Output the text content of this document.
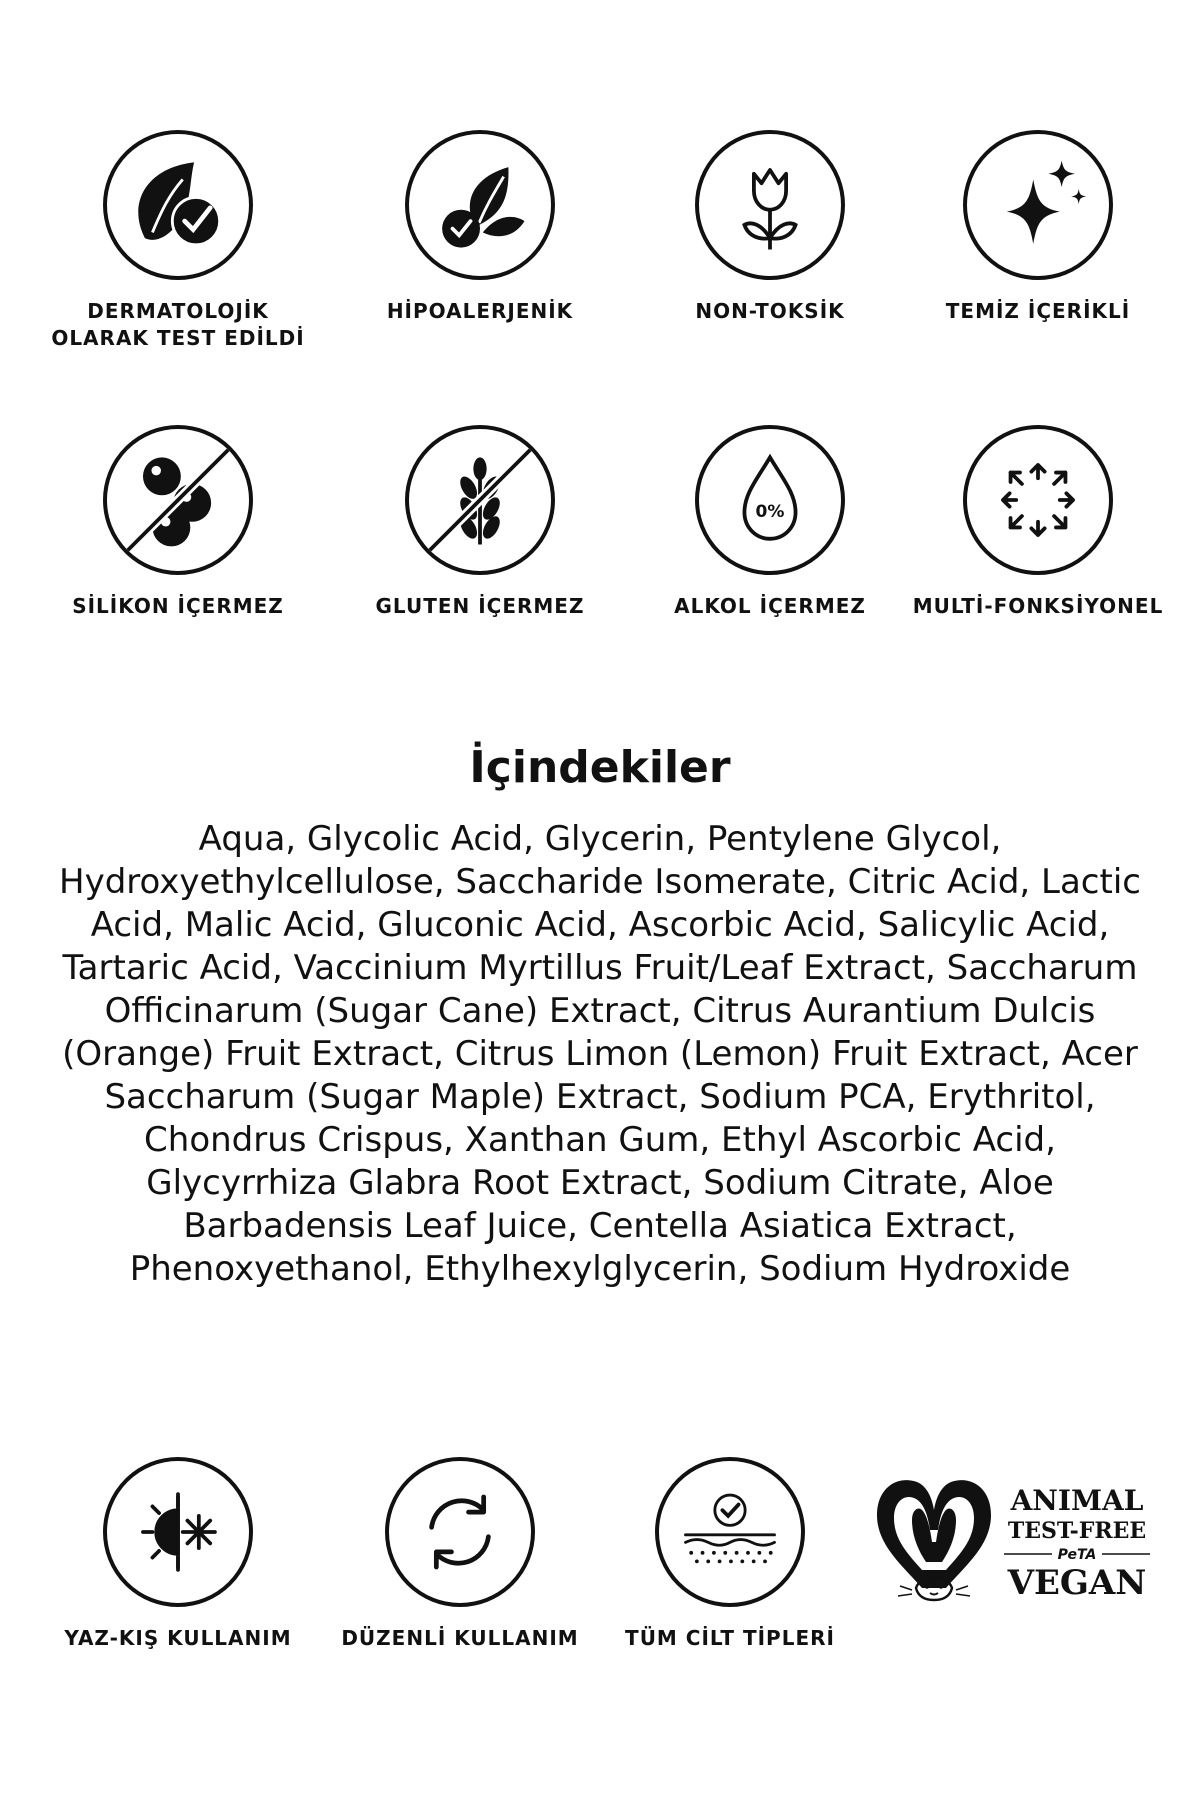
DERMATOLOJİK OLARAK TEST EDİLDİ
HİPOALERJENİK	NON-TOKSİK	TEMİZ İÇERİKLİ
SİLİKON İÇERMEZ	GLUTEN İÇERMEZ
0%
ALKOL İÇERMEZ	MULTİ-FONKSİYONEL
İçindekiler
Aqua, Glycolic Acid, Glycerin, Pentylene Glycol, Hydroxyethylcellulose, Saccharide Isomerate, Citric Acid, Lactic Acid, Malic Acid, Gluconic Acid, Ascorbic Acid, Salicylic Acid, Tartaric Acid, Vaccinium Myrtillus Fruit/Leaf Extract, Saccharum Officinarum (Sugar Cane) Extract, Citrus Aurantium Dulcis (Orange) Fruit Extract, Citrus Limon (Lemon) Fruit Extract, Acer Saccharum (Sugar Maple) Extract, Sodium PCA, Erythritol, Chondrus Crispus, Xanthan Gum, Ethyl Ascorbic Acid, Glycyrrhiza Glabra Root Extract, Sodium Citrate, Aloe Barbadensis Leaf Juice, Centella Asiatica Extract, Phenoxyethanol, Ethylhexylglycerin, Sodium Hydroxide
YAZ-KIŞ KULLANIM	DÜZENLİ KULLANIM	TÜM CİLT TİPLERİ
ANIMAL
TEST-FREE
PeTA
VEGAN
